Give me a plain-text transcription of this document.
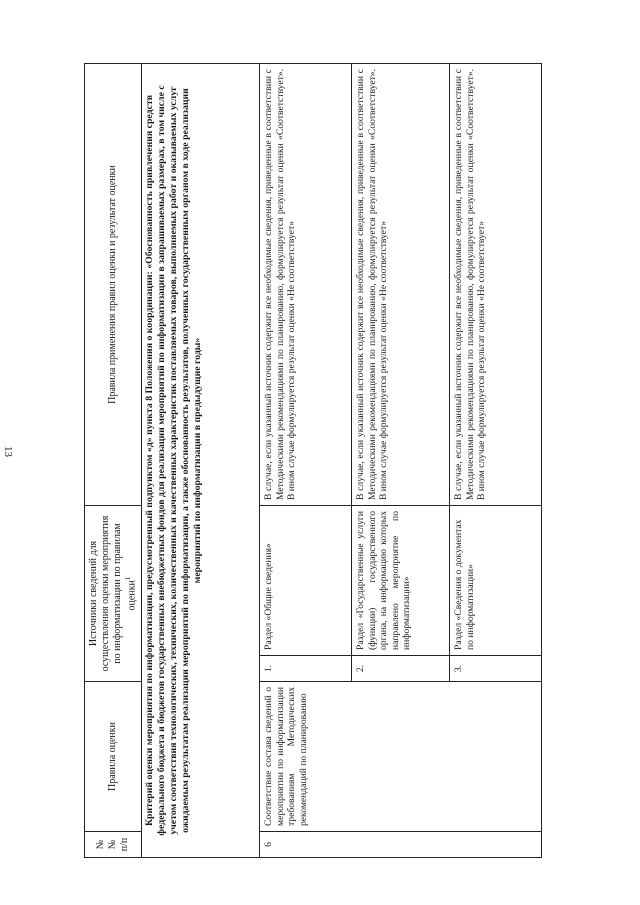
13
№№ п/п	Правила оценки	Источники сведений для осуществления оценки мероприятия по информатизации по правилам оценки$^1$		Правила применения правил оценки и результат оценки
Критерий оценки мероприятия по информатизации, предусмотренный подпунктом «д» пункта 8 Положения о координации: «Обоснованность привлечения средств федерального бюджета и бюджетов государственных внебюджетных фондов для реализации мероприятий по информатизации в запрашиваемых размерах, в том числе с учетом соответствия технологических, технических, количественных и качественных характеристик поставляемых товаров, выполняемых работ и оказываемых услуг ожидаемым результатам реализации мероприятий по информатизации, а также обоснованность результатов, полученных государственным органом в ходе реализации мероприятий по информатизации в предыдущие годы»				
6	Соответствие состава сведений о мероприятии по информатизации требованиям Методических рекомендаций по планированию	1.	Раздел «Общие сведения»	В случае, если указанный источник содержит все необходимые сведения, приведенные в соответствии с Методическими рекомендациями по планированию, формулируется результат оценки «Соответствует». В ином случае формулируется результат оценки «Не соответствует»
		2.	Раздел «Государственные услуги (функции) государственного органа, на информацию которых направлено мероприятие по информатизации»	В случае, если указанный источник содержит все необходимые сведения, приведенные в соответствии с Методическими рекомендациями по планированию, формулируется результат оценки «Соответствует». В ином случае формулируется результат оценки «Не соответствует»
		3.	Раздел «Сведения о документах по информатизации»	В случае, если указанный источник содержит все необходимые сведения, приведенные в соответствии с Методическими рекомендациями по планированию, формулируется результат оценки «Соответствует». В ином случае формулируется результат оценки «Не соответствует»
